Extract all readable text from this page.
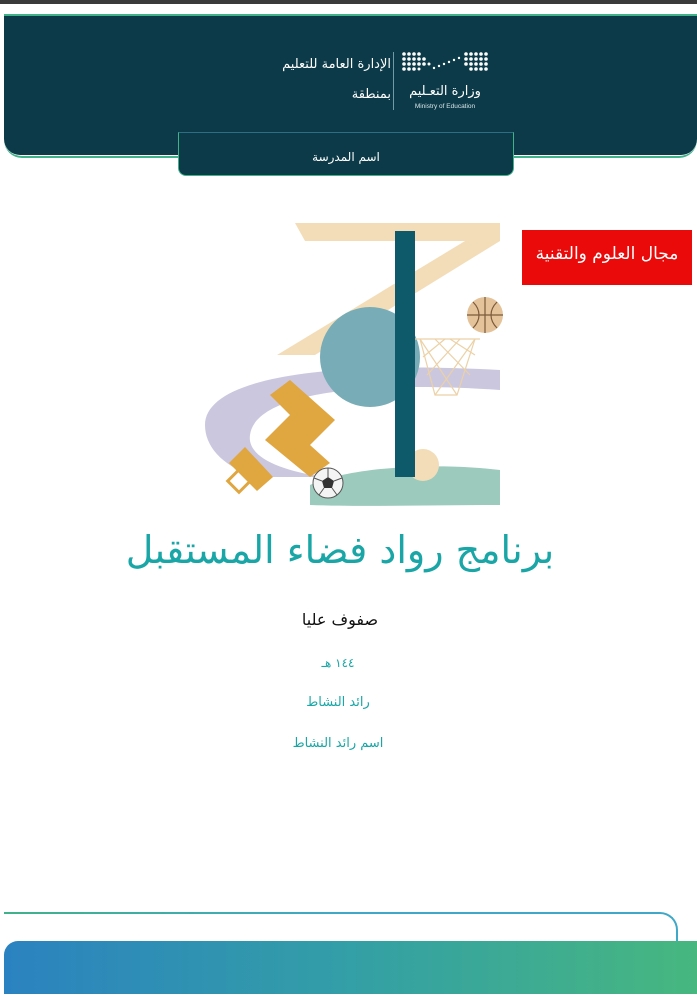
الإدارة العامة للتعليم
بمنطقة	وزارة التعـليم
Ministry of Education
اسم المدرسة
مجال العلوم والتقنية
برنامج رواد فضاء المستقبل
صفوف عليا
١٤٤ هـ
رائد النشاط
اسم رائد النشاط
